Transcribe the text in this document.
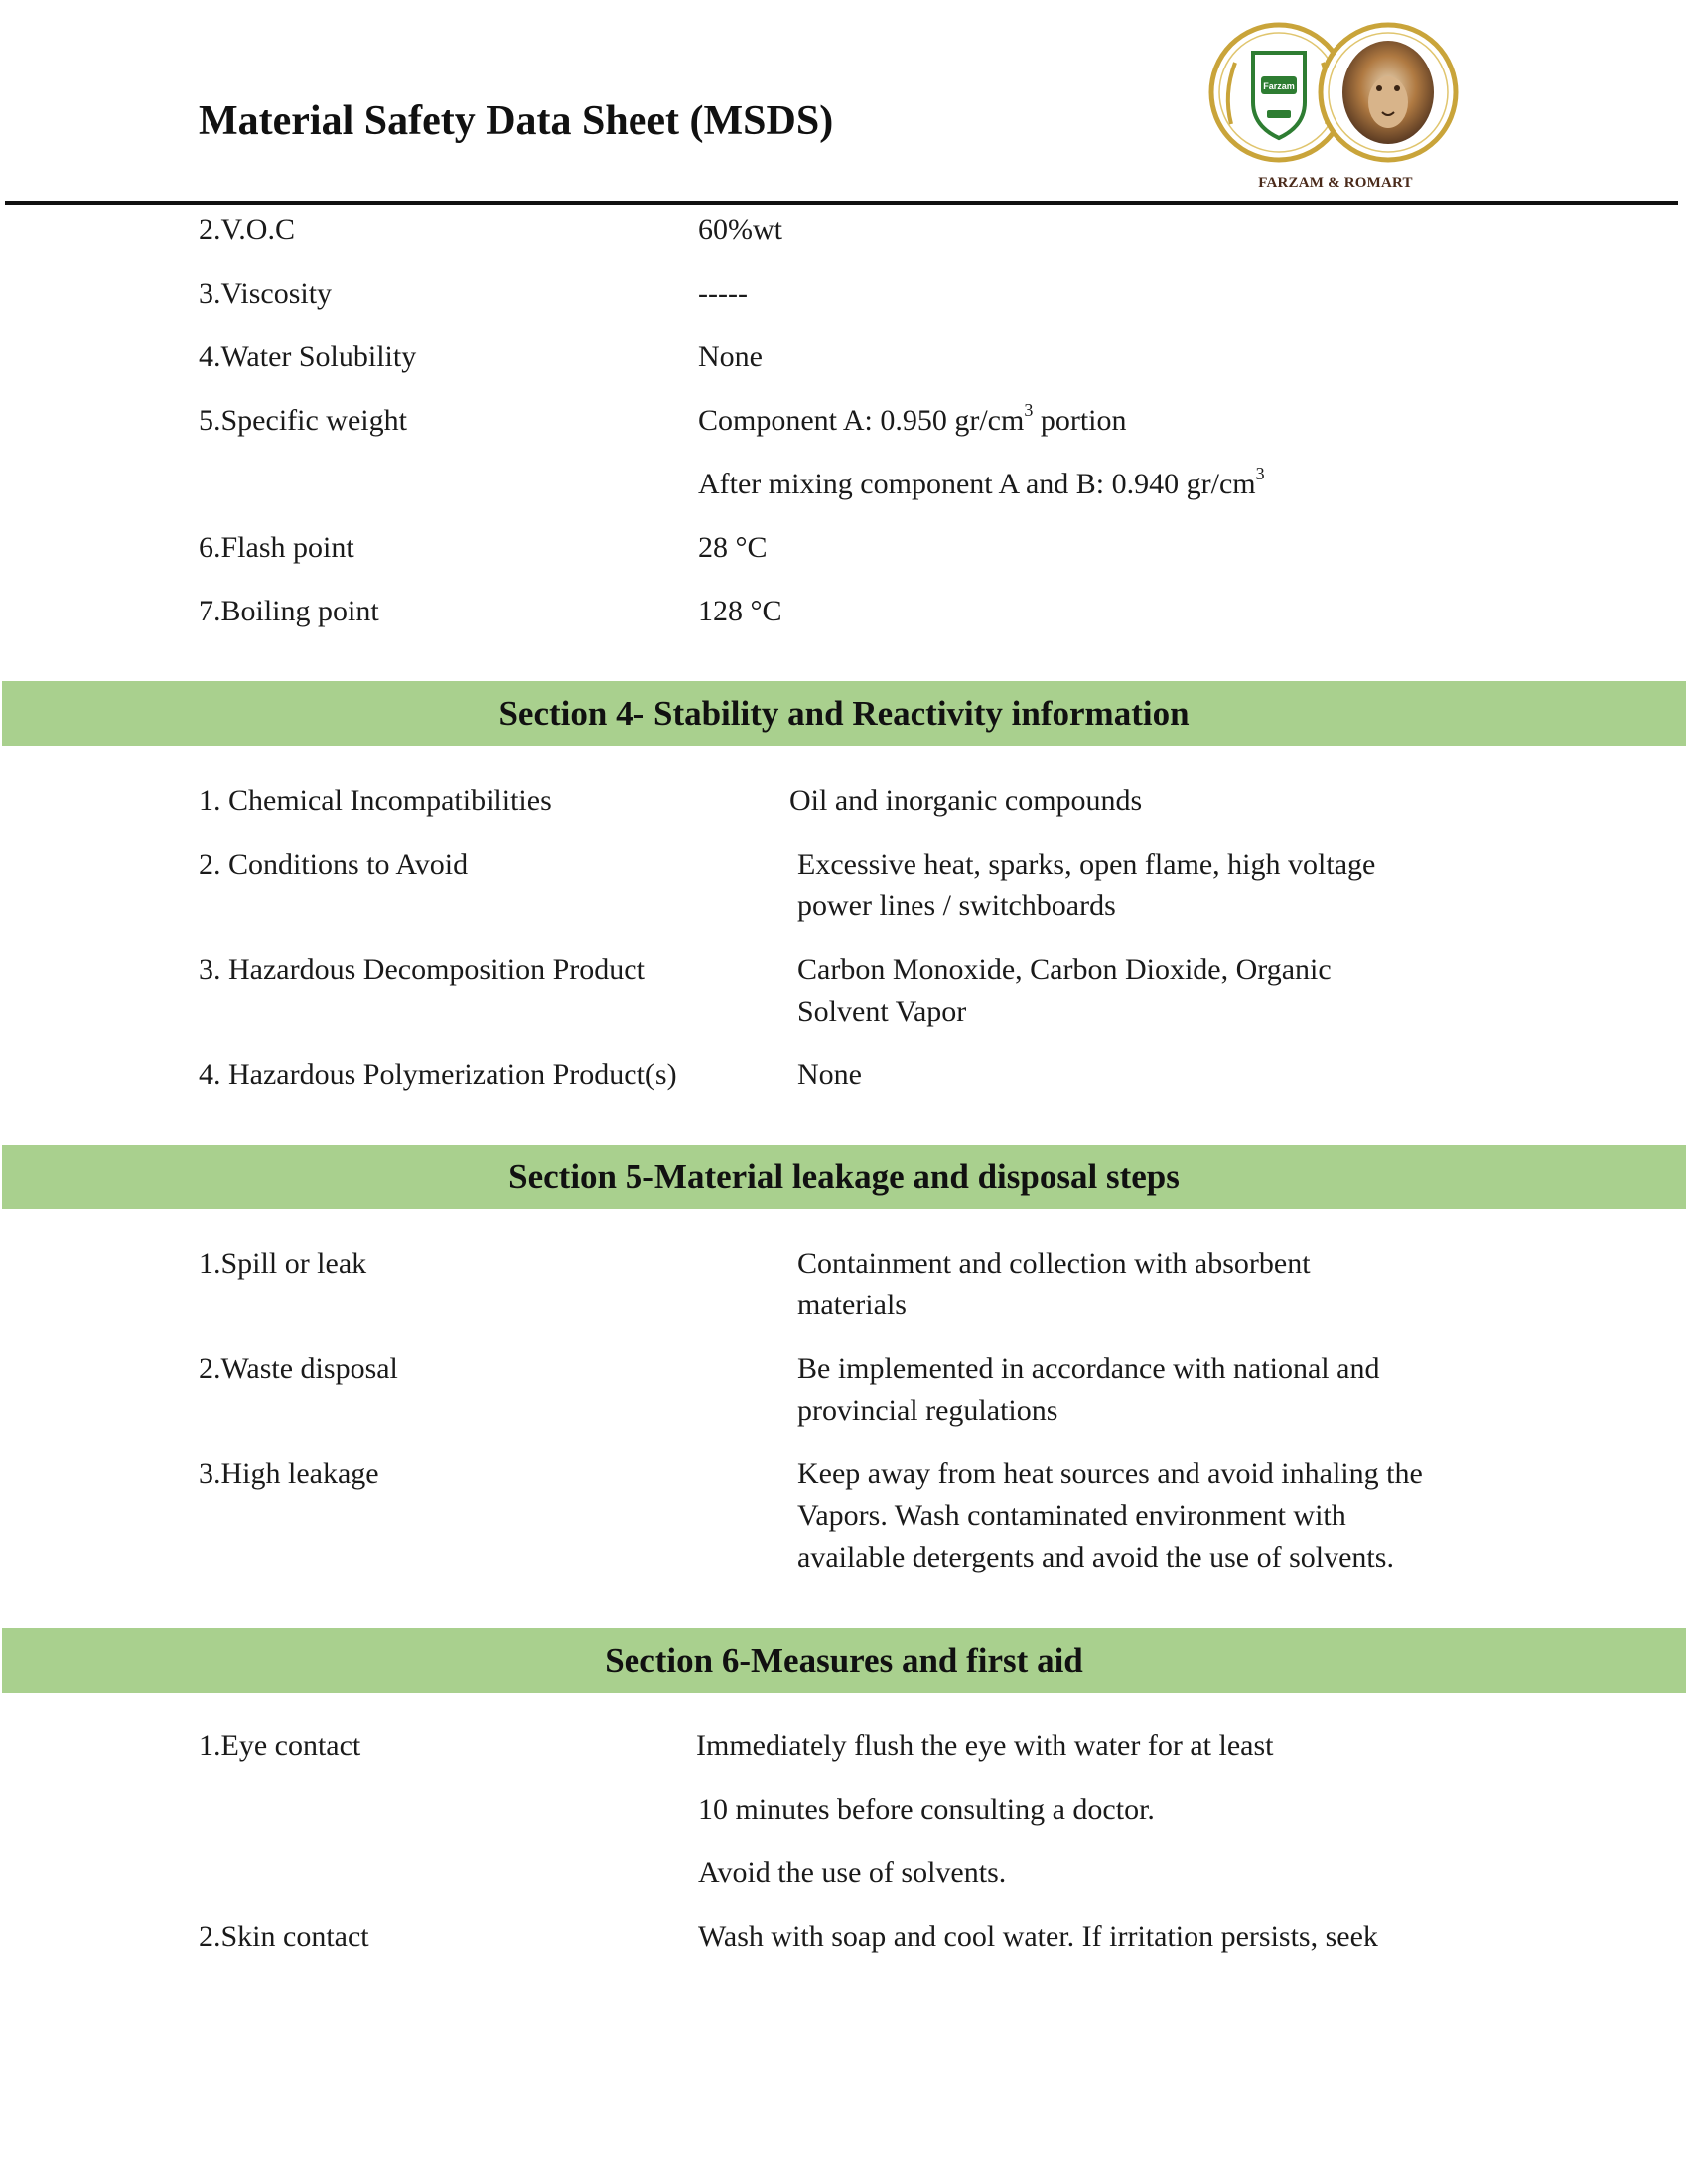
Material Safety Data Sheet (MSDS)
Farzam
FARZAM & ROMART
2.V.O.C	60%wt
3.Viscosity	-----
4.Water Solubility	None
5.Specific weight	Component A: 0.950 $gr/cm^3$ portion
After mixing component A and B: 0.940 $gr/cm^3$
6.Flash point	28 °C
7.Boiling point	128 °C
Section 4- Stability and Reactivity information
1. Chemical Incompatibilities	Oil and inorganic compounds
2. Conditions to Avoid	Excessive heat, sparks, open flame, high voltage
power lines / switchboards
3. Hazardous Decomposition Product	Carbon Monoxide, Carbon Dioxide, Organic
Solvent Vapor
4. Hazardous Polymerization Product(s)	None
Section 5-Material leakage and disposal steps
1.Spill or leak	Containment and collection with absorbent
materials
2.Waste disposal	Be implemented in accordance with national and
provincial regulations
3.High leakage	Keep away from heat sources and avoid inhaling the
Vapors. Wash contaminated environment with
available detergents and avoid the use of solvents.
Section 6-Measures and first aid
1.Eye contact	Immediately flush the eye with water for at least
10 minutes before consulting a doctor.
Avoid the use of solvents.
2.Skin contact	Wash with soap and cool water. If irritation persists, seek
